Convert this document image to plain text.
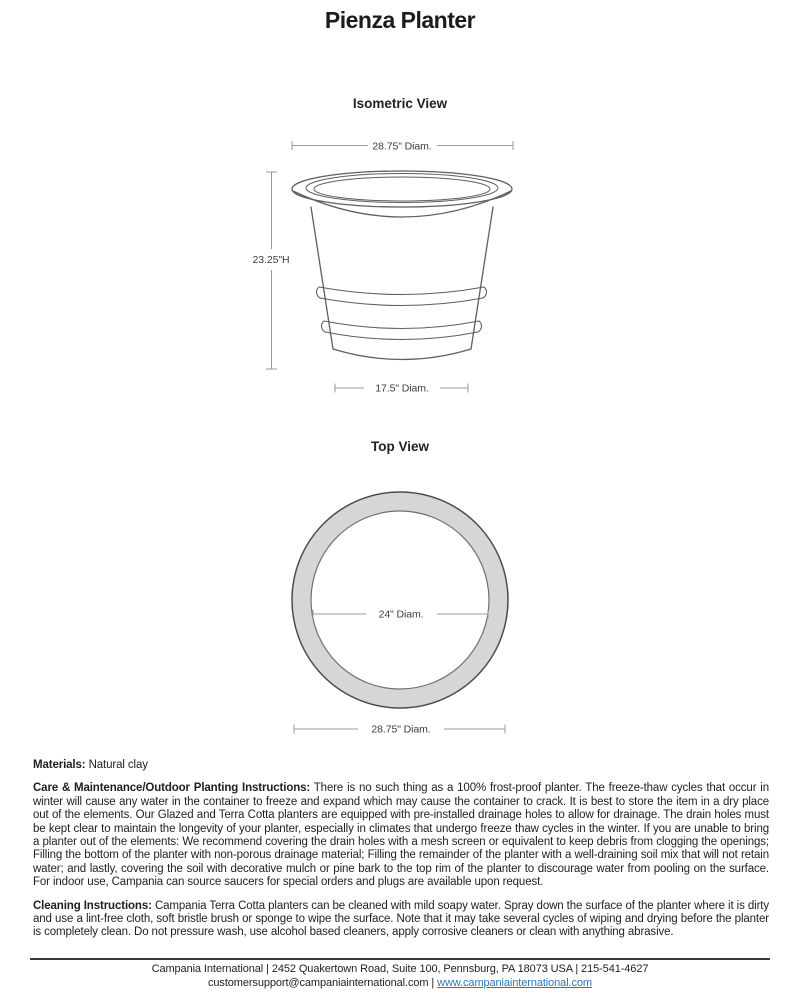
Pienza Planter
Isometric View
Top View
28.75" Diam.
23.25"H
17.5" Diam.
24" Diam.
28.75" Diam.

Materials: Natural clay

Care & Maintenance/Outdoor Planting Instructions: There is no such thing as a 100% frost-proof planter. The freeze-thaw cycles that occur in winter will cause any water in the container to freeze and expand which may cause the container to crack. It is best to store the item in a dry place out of the elements. Our Glazed and Terra Cotta planters are equipped with pre-installed drainage holes to allow for drainage. The drain holes must be kept clear to maintain the longevity of your planter, especially in climates that undergo freeze thaw cycles in the winter. If you are unable to bring a planter out of the elements: We recommend covering the drain holes with a mesh screen or equivalent to keep debris from clogging the openings; Filling the bottom of the planter with non-porous drainage material; Filling the remainder of the planter with a well-draining soil mix that will not retain water; and lastly, covering the soil with decorative mulch or pine bark to the top rim of the planter to discourage water from pooling on the surface. For indoor use, Campania can source saucers for special orders and plugs are available upon request.

Cleaning Instructions: Campania Terra Cotta planters can be cleaned with mild soapy water. Spray down the surface of the planter where it is dirty and use a lint-free cloth, soft bristle brush or sponge to wipe the surface. Note that it may take several cycles of wiping and drying before the planter is completely clean. Do not pressure wash, use alcohol based cleaners, apply corrosive cleaners or clean with anything abrasive.

Campania International | 2452 Quakertown Road, Suite 100, Pennsburg, PA 18073 USA | 215-541-4627
customersupport@campaniainternational.com | www.campaniainternational.com
